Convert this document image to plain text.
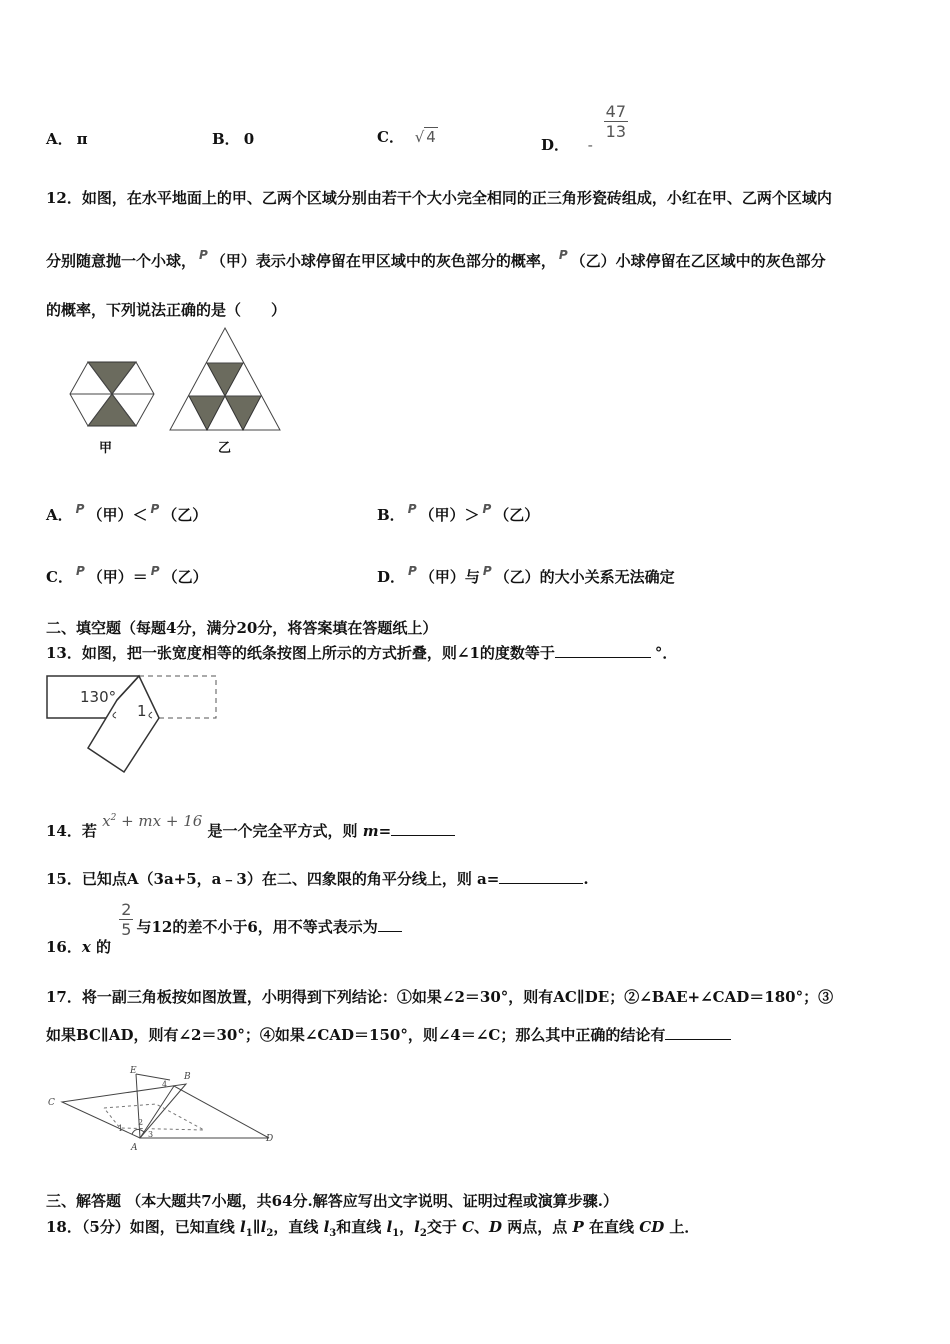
A． π	B． 0	C． √ 4	D． -
$\frac{47}{13}$
12．如图，在水平地面上的甲、乙两个区域分别由若干个大小完全相同的正三角形瓷砖组成，小红在甲、乙两个区域内
分别随意抛一个小球， $^P$ （甲）表示小球停留在甲区域中的灰色部分的概率， $^P$ （乙）小球停留在乙区域中的灰色部分
的概率，下列说法正确的是（　　）
甲	乙
A． $^P$ （甲）＜ $^P$ （乙）	B． $^P$ （甲）＞ $^P$ （乙）
C． $^P$ （甲）＝ $^P$ （乙）	D． $^P$ （甲）与 $^P$ （乙）的大小关系无法确定
二、填空题（每题4分，满分20分，将答案填在答题纸上）
13．如图，把一张宽度相等的纸条按图上所示的方式折叠，则∠1的度数等于	°．
130°
1
14．若 $x^2$ + mx + 16 是一个完全平方式，则 m=
15．已知点A（3a+5，a﹣3）在二、四象限的角平分线上，则 a=	.
16．x 的
$\frac{2}{5}$ 与12的差不小于6，用不等式表示为
17．将一副三角板按如图放置，小明得到下列结论：①如果∠2＝30°，则有AC∥DE；②∠BAE+∠CAD＝180°；③
如果BC∥AD，则有∠2＝30°；④如果∠CAD＝150°，则∠4＝∠C；那么其中正确的结论有
E
B
C
D
A
4
1
2
3
三、解答题 （本大题共7小题，共64分.解答应写出文字说明、证明过程或演算步骤.）
18．（5分）如图，已知直线 $l_1\parallel l_2$，直线 $l_3$和直线 $l_1$，$l_2$交于 C、D 两点，点 P 在直线 CD 上．
